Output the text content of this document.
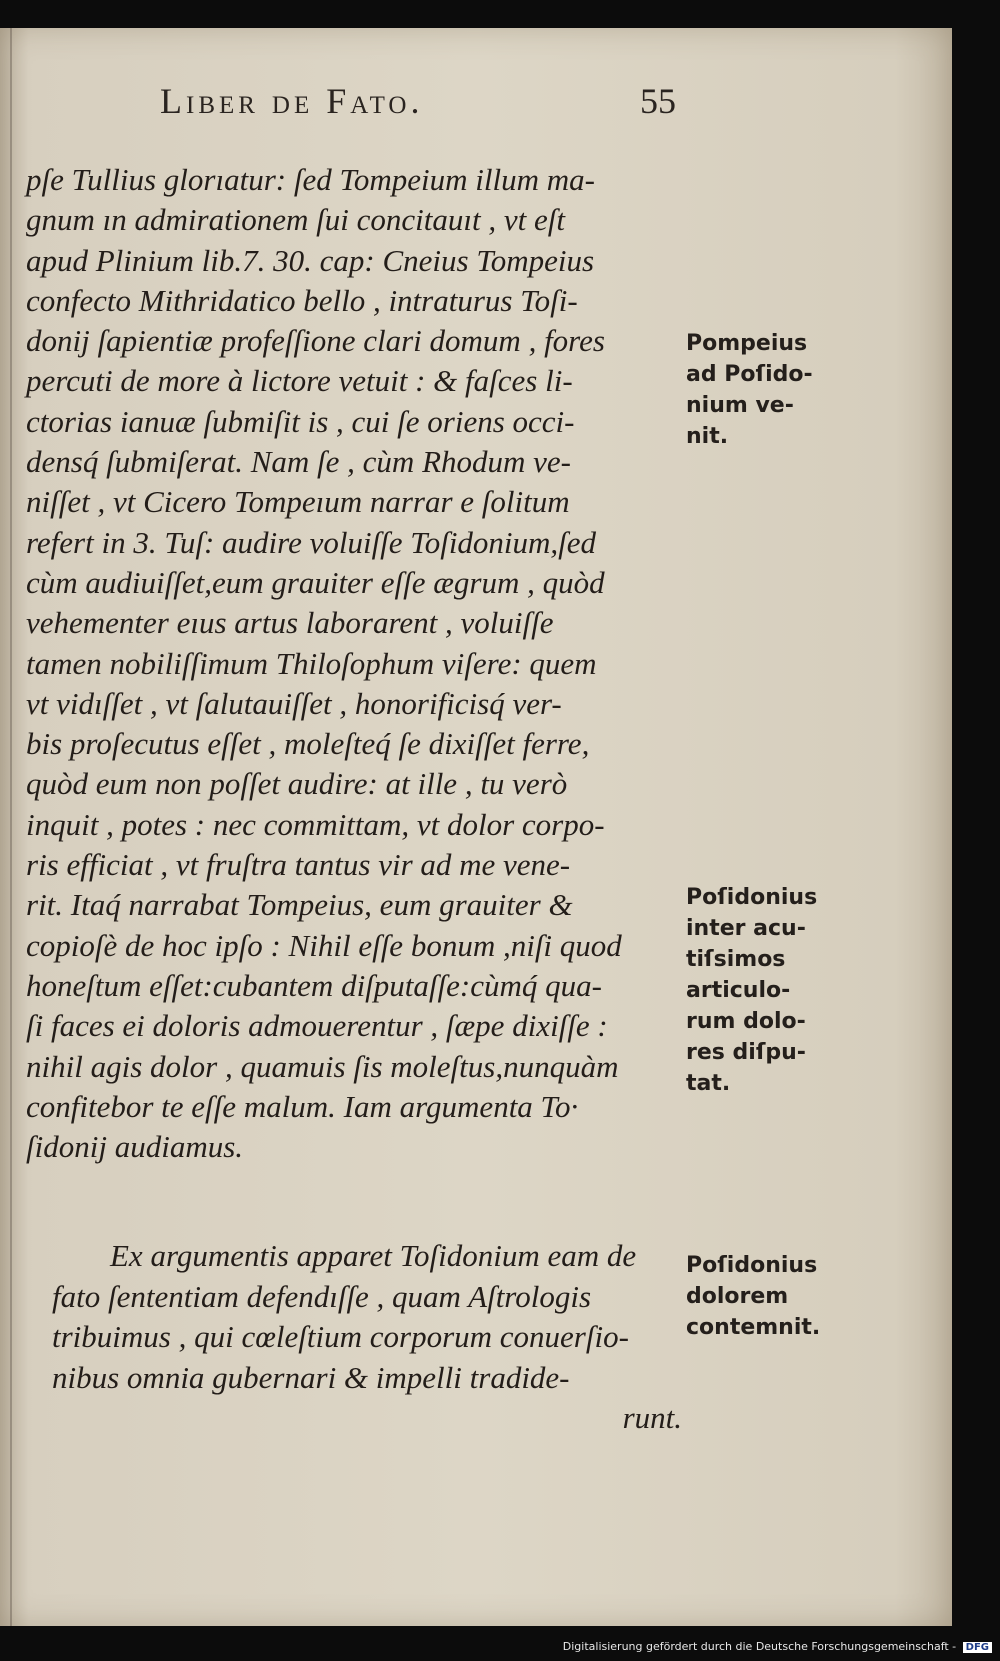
Liber de Fato.	55
pſe Tullius glorıatur: ſed Tompeium illum ma-
gnum ın admirationem ſui concitauıt , vt eſt
apud Plinium lib.7. 30. cap: Cneius Tompeius
confecto Mithridatico bello , intraturus Toſi-
donij ſapientiæ profeſſione clari domum , fores
percuti de more à lictore vetuit : & faſces li-
ctorias ianuæ ſubmiſit is , cui ſe oriens occi-
densq́ ſubmiſerat. Nam ſe , cùm Rhodum ve-
niſſet , vt Cicero Tompeıum narrar e ſolitum
refert in 3. Tuſ: audire voluiſſe Toſidonium,ſed
cùm audiuiſſet,eum grauiter eſſe ægrum , quòd
vehementer eıus artus laborarent , voluiſſe
tamen nobiliſſimum Thiloſophum viſere: quem
vt vidıſſet , vt ſalutauiſſet , honorificisq́ ver-
bis proſecutus eſſet , moleſteq́ ſe dixiſſet ferre,
quòd eum non poſſet audire: at ille , tu verò
inquit , potes : nec committam, vt dolor corpo-
ris efficiat , vt fruſtra tantus vir ad me vene-
rit. Itaq́ narrabat Tompeius, eum grauiter &
copioſè de hoc ipſo : Nihil eſſe bonum ,niſi quod
honeſtum eſſet:cubantem diſputaſſe:cùmq́ qua-
ſi faces ei doloris admouerentur , ſæpe dixiſſe :
nihil agis dolor , quamuis ſis moleſtus,nunquàm
confitebor te eſſe malum. Iam argumenta To·
ſidonij audiamus.
Ex argumentis apparet Toſidonium eam de
fato ſententiam defendıſſe , quam Aſtrologis
tribuimus , qui cœleſtium corporum conuerſio-
nibus omnia gubernari & impelli tradide-
runt.
Pompeius
ad Poſido-
nium ve-
nit.
Poſidonius
inter acu-
tiſsimos
articulo-
rum dolo-
res diſpu-
tat.
Poſidonius
dolorem
contemnit.
Digitalisierung gefördert durch die Deutsche Forschungsgemeinschaft - DFG
